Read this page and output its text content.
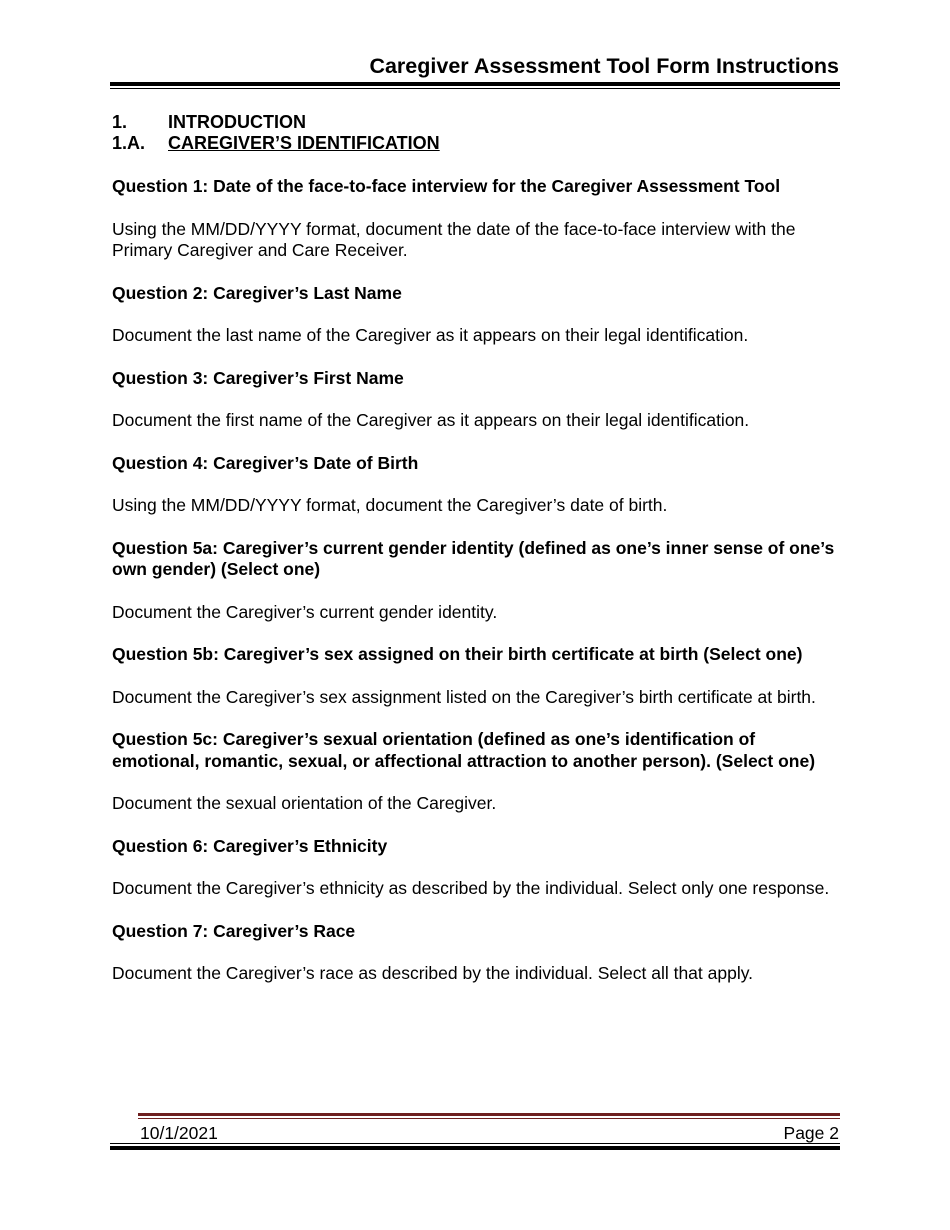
Caregiver Assessment Tool Form Instructions
1. INTRODUCTION
1.A. CAREGIVER’S IDENTIFICATION
Question 1: Date of the face-to-face interview for the Caregiver Assessment Tool
Using the MM/DD/YYYY format, document the date of the face-to-face interview with the Primary Caregiver and Care Receiver.
Question 2: Caregiver’s Last Name
Document the last name of the Caregiver as it appears on their legal identification.
Question 3: Caregiver’s First Name
Document the first name of the Caregiver as it appears on their legal identification.
Question 4: Caregiver’s Date of Birth
Using the MM/DD/YYYY format, document the Caregiver’s date of birth.
Question 5a: Caregiver’s current gender identity (defined as one’s inner sense of one’s own gender) (Select one)
Document the Caregiver’s current gender identity.
Question 5b: Caregiver’s sex assigned on their birth certificate at birth (Select one)
Document the Caregiver’s sex assignment listed on the Caregiver’s birth certificate at birth.
Question 5c: Caregiver’s sexual orientation (defined as one’s identification of emotional, romantic, sexual, or affectional attraction to another person). (Select one)
Document the sexual orientation of the Caregiver.
Question 6: Caregiver’s Ethnicity
Document the Caregiver’s ethnicity as described by the individual. Select only one response.
Question 7: Caregiver’s Race
Document the Caregiver’s race as described by the individual. Select all that apply.
10/1/2021	Page 2
